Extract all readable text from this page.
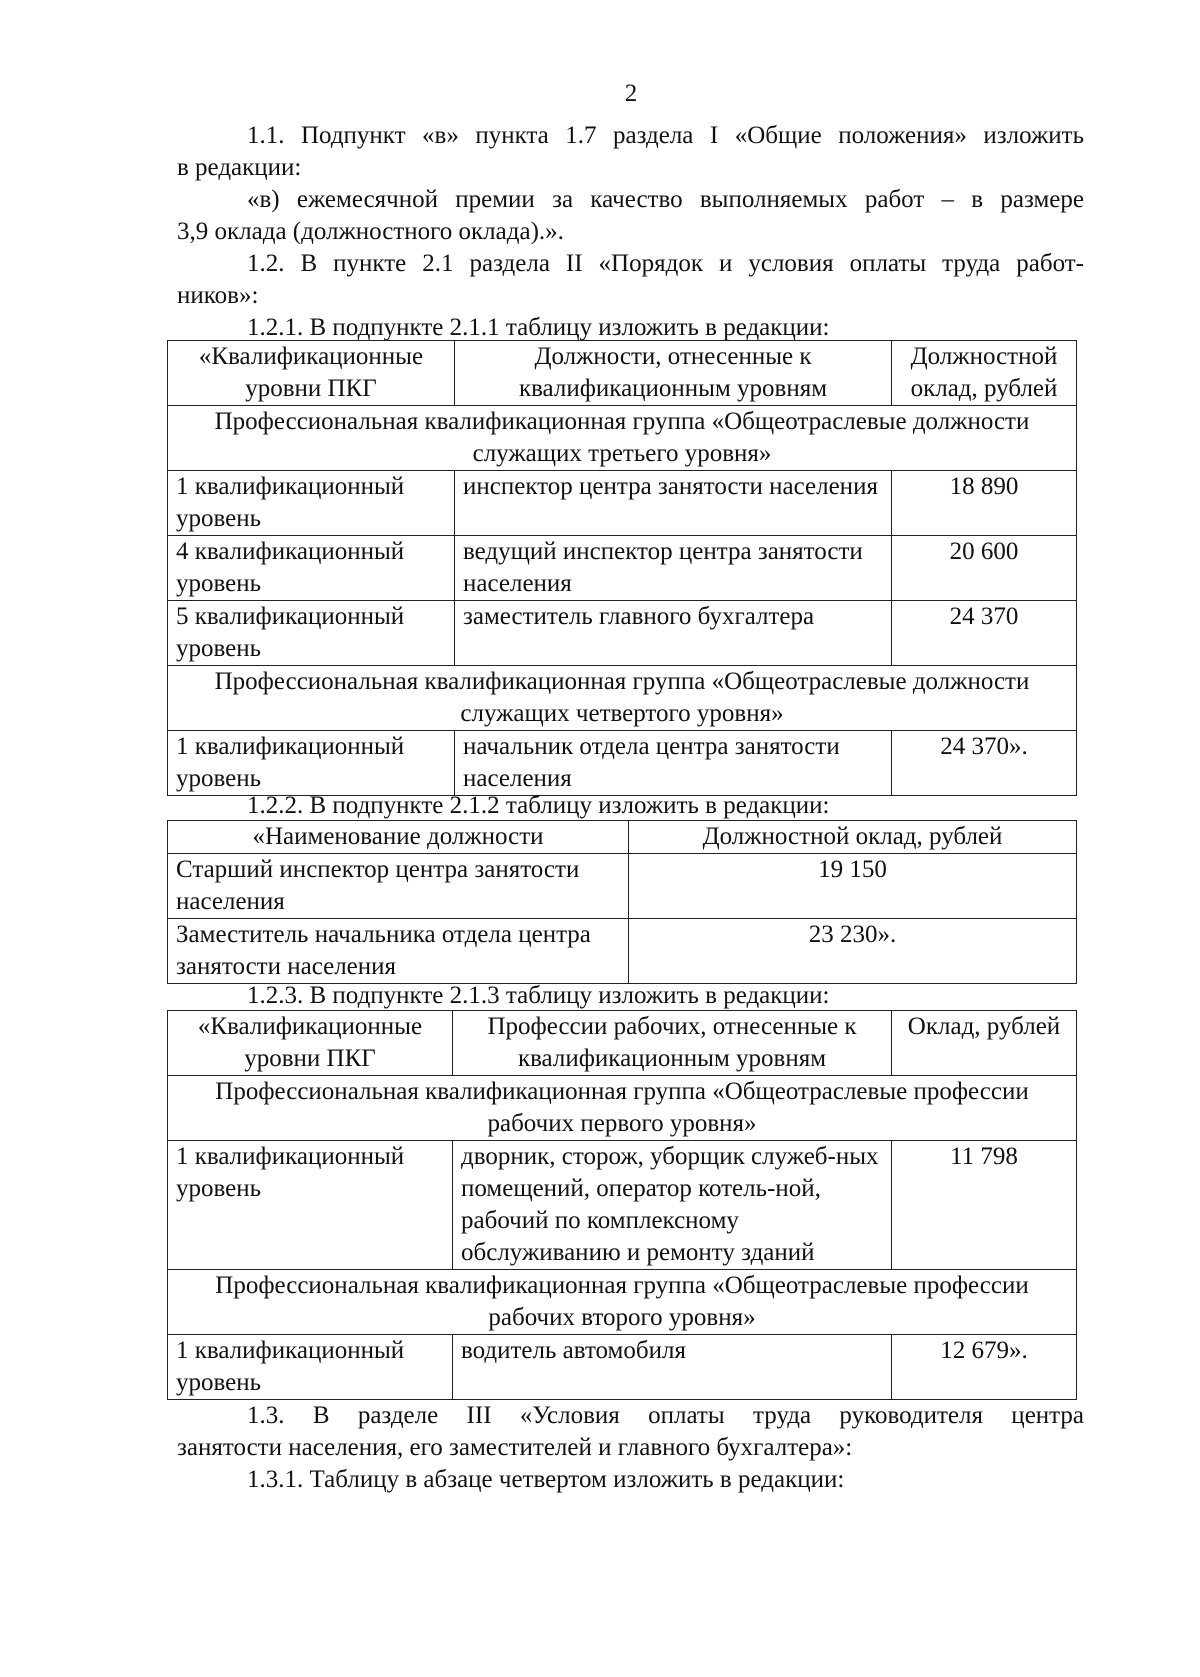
2
1.1. Подпункт «в» пункта 1.7 раздела I «Общие положения» изложить
в редакции:
«в) ежемесячной премии за качество выполняемых работ – в размере
3,9 оклада (должностного оклада).».
1.2. В пункте 2.1 раздела II «Порядок и условия оплаты труда работ-
ников»:
1.2.1. В подпункте 2.1.1 таблицу изложить в редакции:
«Квалификационные уровни ПКГ	Должности, отнесенные к квалификационным уровням	Должностной оклад, рублей
Профессиональная квалификационная группа «Общеотраслевые должности служащих третьего уровня»		
1 квалификационный уровень	инспектор центра занятости населения	18 890
4 квалификационный уровень	ведущий инспектор центра занятости населения	20 600
5 квалификационный уровень	заместитель главного бухгалтера	24 370
Профессиональная квалификационная группа «Общеотраслевые должности служащих четвертого уровня»		
1 квалификационный уровень	начальник отдела центра занятости населения	24 370».
1.2.2. В подпункте 2.1.2 таблицу изложить в редакции:
«Наименование должности	Должностной оклад, рублей
Старший инспектор центра занятости населения	19 150
Заместитель начальника отдела центра занятости населения	23 230».
1.2.3. В подпункте 2.1.3 таблицу изложить в редакции:
«Квалификационные уровни ПКГ	Профессии рабочих, отнесенные к квалификационным уровням	Оклад, рублей
Профессиональная квалификационная группа «Общеотраслевые профессии рабочих первого уровня»		
1 квалификационный уровень	дворник, сторож, уборщик служеб-ных помещений, оператор котель-ной, рабочий по комплексному обслуживанию и ремонту зданий	11 798
Профессиональная квалификационная группа «Общеотраслевые профессии рабочих второго уровня»		
1 квалификационный уровень	водитель автомобиля	12 679».
1.3. В разделе III «Условия оплаты труда руководителя центра
занятости населения, его заместителей и главного бухгалтера»:
1.3.1. Таблицу в абзаце четвертом изложить в редакции:
